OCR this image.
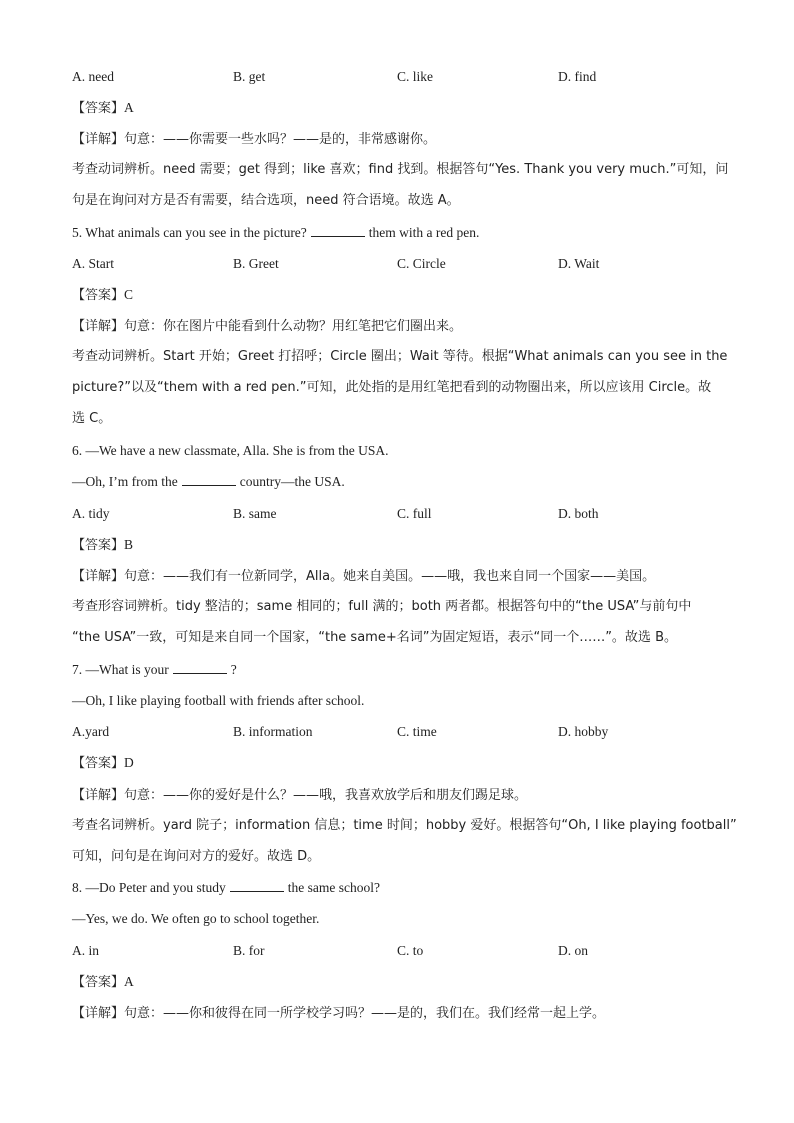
A. need	B. get	C. like	D. find
【答案】A
【详解】句意：——你需要一些水吗？——是的，非常感谢你。
考查动词辨析。need 需要；get 得到；like 喜欢；find 找到。根据答句“Yes. Thank you very much.”可知，问
句是在询问对方是否有需要，结合选项，need 符合语境。故选 A。
5. What animals can you see in the picture?	them with a red pen.
A. Start	B. Greet	C. Circle	D. Wait
【答案】C
【详解】句意：你在图片中能看到什么动物？用红笔把它们圈出来。
考查动词辨析。Start 开始；Greet 打招呼；Circle 圈出；Wait 等待。根据“What animals can you see in the
picture?”以及“them with a red pen.”可知，此处指的是用红笔把看到的动物圈出来，所以应该用 Circle。故
选 C。
6. —We have a new classmate, Alla. She is from the USA.
—Oh, I’m from the	country—the USA.
A. tidy	B. same	C. full	D. both
【答案】B
【详解】句意：——我们有一位新同学，Alla。她来自美国。——哦，我也来自同一个国家——美国。
考查形容词辨析。tidy 整洁的；same 相同的；full 满的；both 两者都。根据答句中的“the USA”与前句中
“the USA”一致，可知是来自同一个国家，“the same+名词”为固定短语，表示“同一个……”。故选 B。
7. —What is your	?
—Oh, I like playing football with friends after school.
A.yard	B. information	C. time	D. hobby
【答案】D
【详解】句意：——你的爱好是什么？——哦，我喜欢放学后和朋友们踢足球。
考查名词辨析。yard 院子；information 信息；time 时间；hobby 爱好。根据答句“Oh, I like playing football”
可知，问句是在询问对方的爱好。故选 D。
8. —Do Peter and you study	the same school?
—Yes, we do. We often go to school together.
A. in	B. for	C. to	D. on
【答案】A
【详解】句意：——你和彼得在同一所学校学习吗？——是的，我们在。我们经常一起上学。
